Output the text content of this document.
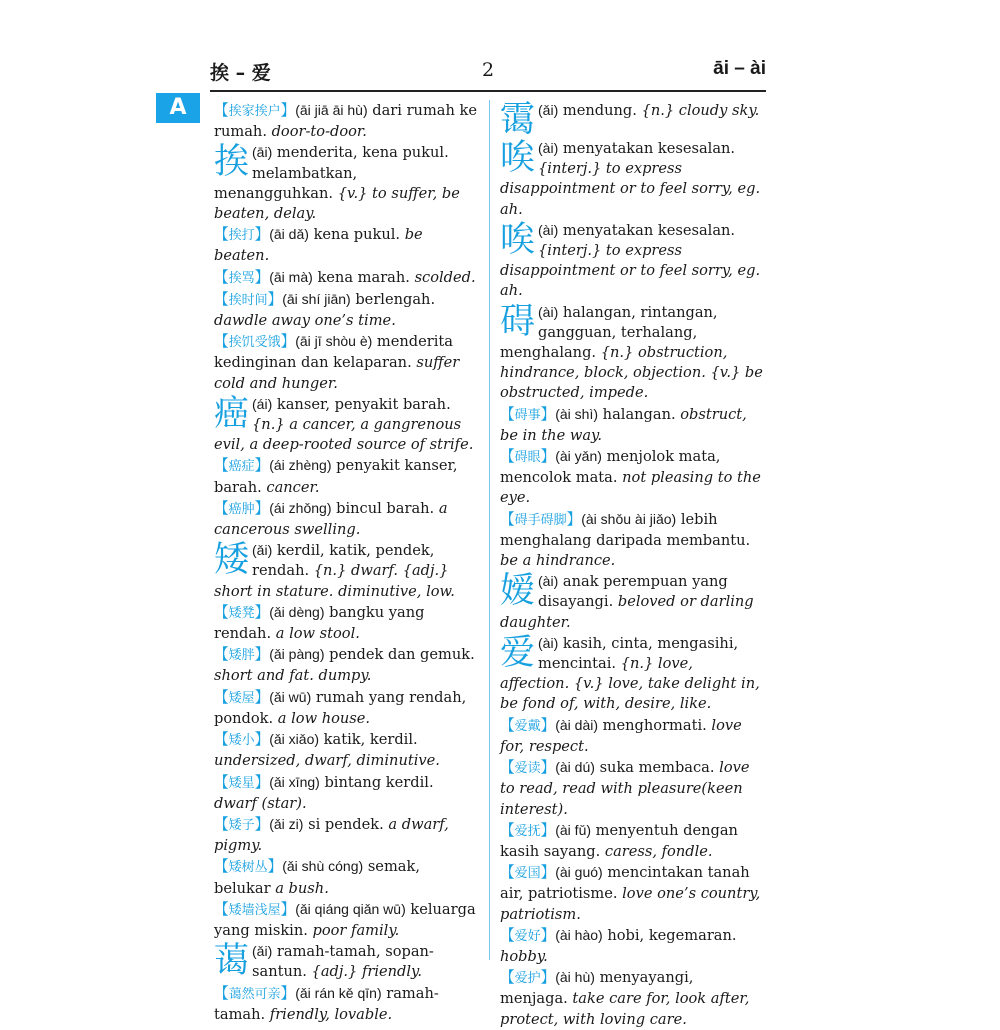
挨 – 爱	2	āi – ài
A	【挨家挨户】(āi jiā āi hù) dari rumah ke rumah. door-to-door.
挨 (āi) menderita, kena pukul. melambatkan, menangguhkan. {v.} to suffer, be beaten, delay.
【挨打】(āi dǎ) kena pukul. be beaten.
【挨骂】(āi mà) kena marah. scolded.
【挨时间】(āi shí jiān) berlengah. dawdle away one’s time.
【挨饥受饿】(āi jī shòu è) menderita kedinginan dan kelaparan. suffer cold and hunger.
癌 (ái) kanser, penyakit barah. {n.} a cancer, a gangrenous evil, a deep-rooted source of strife.
【癌症】(ái zhèng) penyakit kanser, barah. cancer.
【癌肿】(ái zhǒng) bincul barah. a cancerous swelling.
矮 (ǎi) kerdil, katik, pendek, rendah. {n.} dwarf. {adj.} short in stature. diminutive, low.
【矮凳】(ǎi dèng) bangku yang rendah. a low stool.
【矮胖】(ǎi pàng) pendek dan gemuk. short and fat. dumpy.
【矮屋】(ǎi wū) rumah yang rendah, pondok. a low house.
【矮小】(ǎi xiǎo) katik, kerdil. undersized, dwarf, diminutive.
【矮星】(ǎi xīng) bintang kerdil. dwarf (star).
【矮子】(ǎi zi) si pendek. a dwarf, pigmy.
【矮树丛】(ǎi shù cóng) semak, belukar a bush.
【矮墙浅屋】(ǎi qiáng qiǎn wū) keluarga yang miskin. poor family.
蔼 (ǎi) ramah-tamah, sopan-santun. {adj.} friendly.
【蔼然可亲】(ǎi rán kě qīn) ramah-tamah. friendly, lovable.
霭 (ǎi) mendung. {n.} cloudy sky.
唉 (ài) menyatakan kesesalan. {interj.} to express disappointment or to feel sorry, eg. ah.
唉 (ài) menyatakan kesesalan. {interj.} to express disappointment or to feel sorry, eg. ah.
碍 (ài) halangan, rintangan, gangguan, terhalang, menghalang. {n.} obstruction, hindrance, block, objection. {v.} be obstructed, impede.
【碍事】(ài shì) halangan. obstruct, be in the way.
【碍眼】(ài yǎn) menjolok mata, mencolok mata. not pleasing to the eye.
【碍手碍脚】(ài shǒu ài jiǎo) lebih menghalang daripada membantu. be a hindrance.
嫒 (ài) anak perempuan yang disayangi. beloved or darling daughter.
爱 (ài) kasih, cinta, mengasihi, mencintai. {n.} love, affection. {v.} love, take delight in, be fond of, with, desire, like.
【爱戴】(ài dài) menghormati. love for, respect.
【爱读】(ài dú) suka membaca. love to read, read with pleasure(keen interest).
【爱抚】(ài fǔ) menyentuh dengan kasih sayang. caress, fondle.
【爱国】(ài guó) mencintakan tanah air, patriotisme. love one’s country, patriotism.
【爱好】(ài hào) hobi, kegemaran. hobby.
【爱护】(ài hù) menyayangi, menjaga. take care for, look after, protect, with loving care.
